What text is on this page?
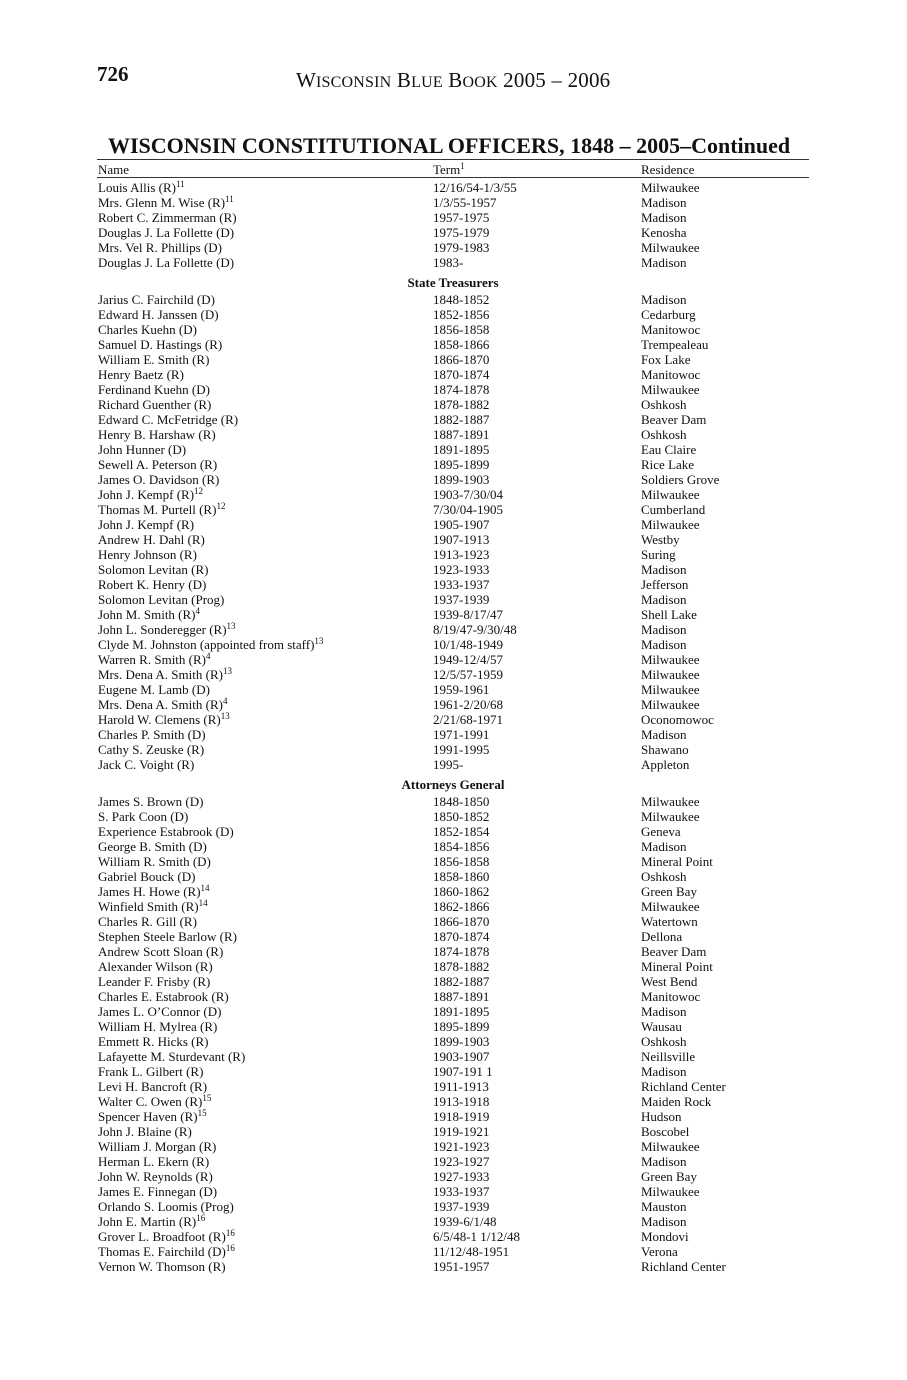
726	WISCONSIN BLUE BOOK 2005 – 2006
WISCONSIN CONSTITUTIONAL OFFICERS, 1848 – 2005–Continued
Name	Term$^1$	Residence
Louis Allis $(R)^{11}$	12/16/54-1/3/55	Milwaukee
Mrs. Glenn M. Wise $(R)^{11}$	1/3/55-1957	Madison
Robert C. Zimmerman (R)	1957-1975	Madison
Douglas J. La Follette (D)	1975-1979	Kenosha
Mrs. Vel R. Phillips (D)	1979-1983	Milwaukee
Douglas J. La Follette (D)	1983-	Madison
State Treasurers
Jarius C. Fairchild (D)	1848-1852	Madison
Edward H. Janssen (D)	1852-1856	Cedarburg
Charles Kuehn (D)	1856-1858	Manitowoc
Samuel D. Hastings (R)	1858-1866	Trempealeau
William E. Smith (R)	1866-1870	Fox Lake
Henry Baetz (R)	1870-1874	Manitowoc
Ferdinand Kuehn (D)	1874-1878	Milwaukee
Richard Guenther (R)	1878-1882	Oshkosh
Edward C. McFetridge (R)	1882-1887	Beaver Dam
Henry B. Harshaw (R)	1887-1891	Oshkosh
John Hunner (D)	1891-1895	Eau Claire
Sewell A. Peterson (R)	1895-1899	Rice Lake
James O. Davidson (R)	1899-1903	Soldiers Grove
John J. Kempf $(R)^{12}$	1903-7/30/04	Milwaukee
Thomas M. Purtell $(R)^{12}$	7/30/04-1905	Cumberland
John J. Kempf (R)	1905-1907	Milwaukee
Andrew H. Dahl (R)	1907-1913	Westby
Henry Johnson (R)	1913-1923	Suring
Solomon Levitan (R)	1923-1933	Madison
Robert K. Henry (D)	1933-1937	Jefferson
Solomon Levitan (Prog)	1937-1939	Madison
John M. Smith $(R)^4$	1939-8/17/47	Shell Lake
John L. Sonderegger $(R)^{13}$	8/19/47-9/30/48	Madison
Clyde M. Johnston (appointed from staff)$^{13}$	10/1/48-1949	Madison
Warren R. Smith $(R)^4$	1949-12/4/57	Milwaukee
Mrs. Dena A. Smith $(R)^{13}$	12/5/57-1959	Milwaukee
Eugene M. Lamb (D)	1959-1961	Milwaukee
Mrs. Dena A. Smith $(R)^4$	1961-2/20/68	Milwaukee
Harold W. Clemens $(R)^{13}$	2/21/68-1971	Oconomowoc
Charles P. Smith (D)	1971-1991	Madison
Cathy S. Zeuske (R)	1991-1995	Shawano
Jack C. Voight (R)	1995-	Appleton
Attorneys General
James S. Brown (D)	1848-1850	Milwaukee
S. Park Coon (D)	1850-1852	Milwaukee
Experience Estabrook (D)	1852-1854	Geneva
George B. Smith (D)	1854-1856	Madison
William R. Smith (D)	1856-1858	Mineral Point
Gabriel Bouck (D)	1858-1860	Oshkosh
James H. Howe $(R)^{14}$	1860-1862	Green Bay
Winfield Smith $(R)^{14}$	1862-1866	Milwaukee
Charles R. Gill (R)	1866-1870	Watertown
Stephen Steele Barlow (R)	1870-1874	Dellona
Andrew Scott Sloan (R)	1874-1878	Beaver Dam
Alexander Wilson (R)	1878-1882	Mineral Point
Leander F. Frisby (R)	1882-1887	West Bend
Charles E. Estabrook (R)	1887-1891	Manitowoc
James L. O’Connor (D)	1891-1895	Madison
William H. Mylrea (R)	1895-1899	Wausau
Emmett R. Hicks (R)	1899-1903	Oshkosh
Lafayette M. Sturdevant (R)	1903-1907	Neillsville
Frank L. Gilbert (R)	1907-191 1	Madison
Levi H. Bancroft (R)	1911-1913	Richland Center
Walter C. Owen $(R)^{15}$	1913-1918	Maiden Rock
Spencer Haven $(R)^{15}$	1918-1919	Hudson
John J. Blaine (R)	1919-1921	Boscobel
William J. Morgan (R)	1921-1923	Milwaukee
Herman L. Ekern (R)	1923-1927	Madison
John W. Reynolds (R)	1927-1933	Green Bay
James E. Finnegan (D)	1933-1937	Milwaukee
Orlando S. Loomis (Prog)	1937-1939	Mauston
John E. Martin $(R)^{16}$	1939-6/1/48	Madison
Grover L. Broadfoot $(R)^{16}$	6/5/48-1 1/12/48	Mondovi
Thomas E. Fairchild $(D)^{16}$	11/12/48-1951	Verona
Vernon W. Thomson (R)	1951-1957	Richland Center
